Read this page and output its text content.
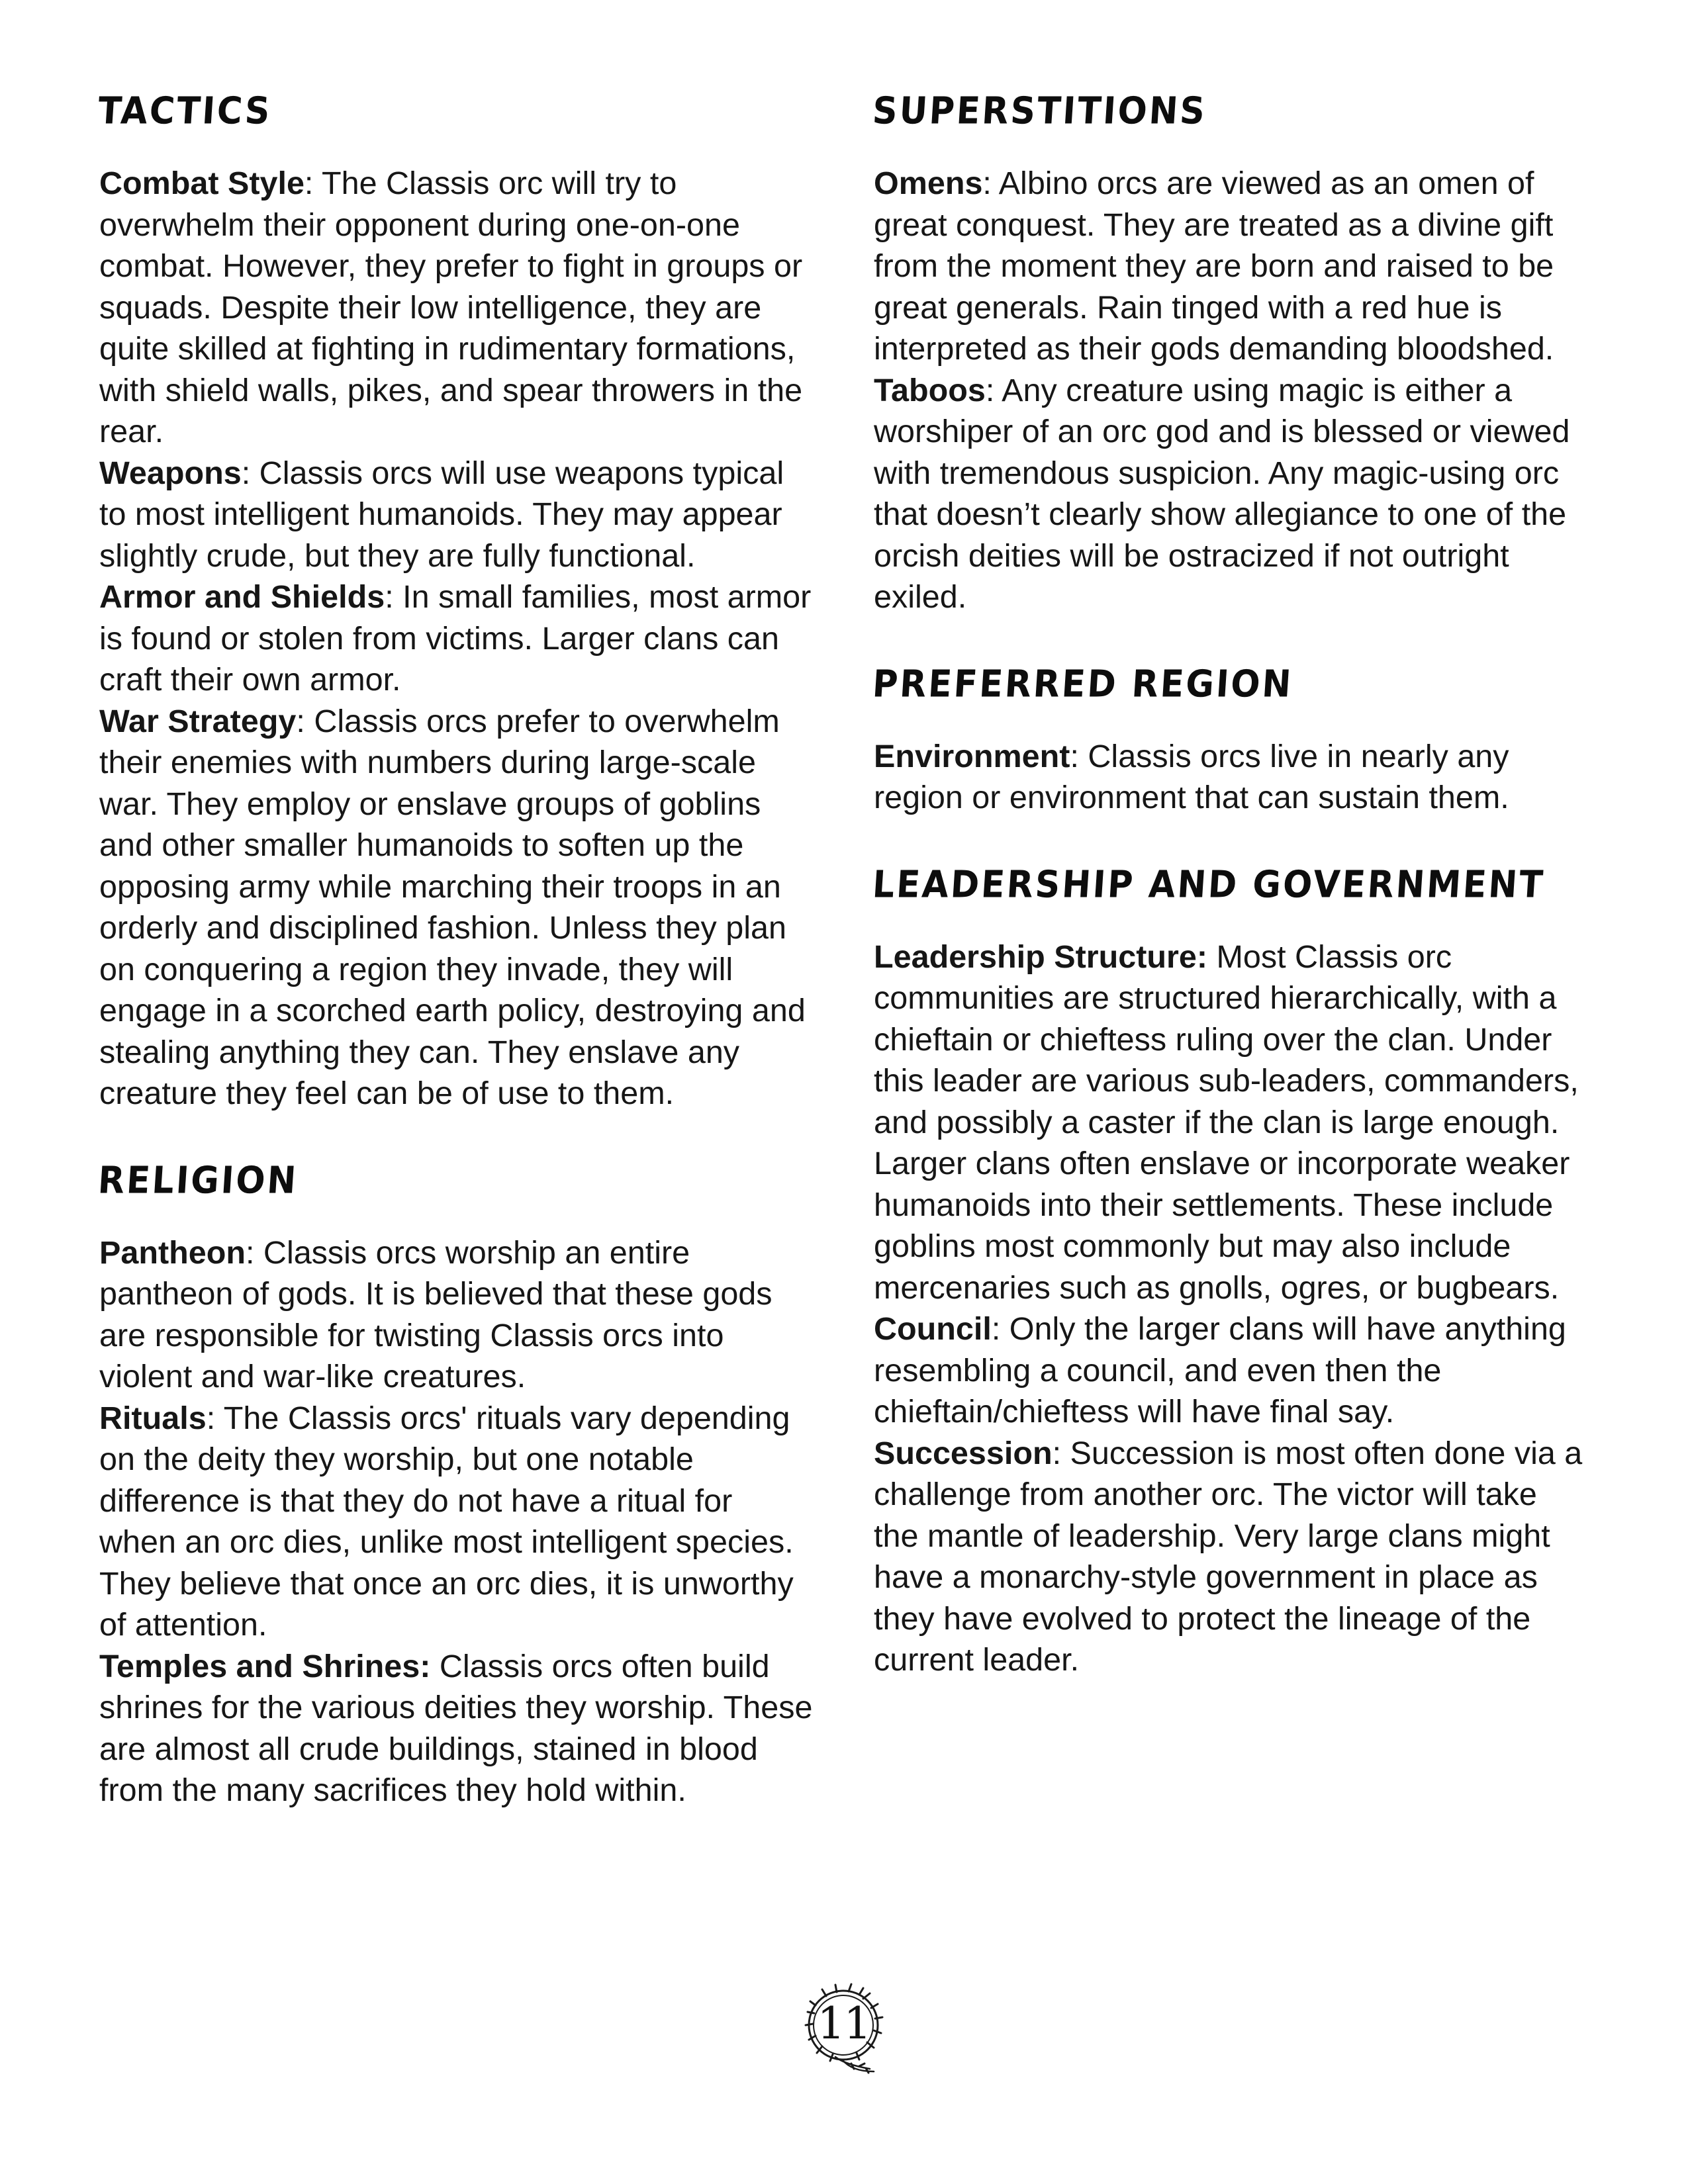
TACTICS

Combat Style: The Classis orc will try to overwhelm their opponent during one-on-one combat. However, they prefer to fight in groups or squads. Despite their low intelligence, they are quite skilled at fighting in rudimentary formations, with shield walls, pikes, and spear throwers in the rear.

Weapons: Classis orcs will use weapons typical to most intelligent humanoids. They may appear slightly crude, but they are fully functional.

Armor and Shields: In small families, most armor is found or stolen from victims. Larger clans can craft their own armor.

War Strategy: Classis orcs prefer to overwhelm their enemies with numbers during large-scale war. They employ or enslave groups of goblins and other smaller humanoids to soften up the opposing army while marching their troops in an orderly and disciplined fashion. Unless they plan on conquering a region they invade, they will engage in a scorched earth policy, destroying and stealing anything they can. They enslave any creature they feel can be of use to them.

RELIGION

Pantheon: Classis orcs worship an entire pantheon of gods. It is believed that these gods are responsible for twisting Classis orcs into violent and war-like creatures.

Rituals: The Classis orcs' rituals vary depending on the deity they worship, but one notable difference is that they do not have a ritual for when an orc dies, unlike most intelligent species. They believe that once an orc dies, it is unworthy of attention.

Temples and Shrines: Classis orcs often build shrines for the various deities they worship. These are almost all crude buildings, stained in blood from the many sacrifices they hold within.

SUPERSTITIONS

Omens: Albino orcs are viewed as an omen of great conquest. They are treated as a divine gift from the moment they are born and raised to be great generals. Rain tinged with a red hue is interpreted as their gods demanding bloodshed.

Taboos: Any creature using magic is either a worshiper of an orc god and is blessed or viewed with tremendous suspicion. Any magic-using orc that doesn’t clearly show allegiance to one of the orcish deities will be ostracized if not outright exiled.

PREFERRED REGION

Environment: Classis orcs live in nearly any region or environment that can sustain them.

LEADERSHIP AND GOVERNMENT

Leadership Structure: Most Classis orc communities are structured hierarchically, with a chieftain or chieftess ruling over the clan. Under this leader are various sub-leaders, commanders, and possibly a caster if the clan is large enough. Larger clans often enslave or incorporate weaker humanoids into their settlements. These include goblins most commonly but may also include mercenaries such as gnolls, ogres, or bugbears.

Council: Only the larger clans will have anything resembling a council, and even then the chieftain/chieftess will have final say.

Succession: Succession is most often done via a challenge from another orc. The victor will take the mantle of leadership. Very large clans might have a monarchy-style government in place as they have evolved to protect the lineage of the current leader.

11
